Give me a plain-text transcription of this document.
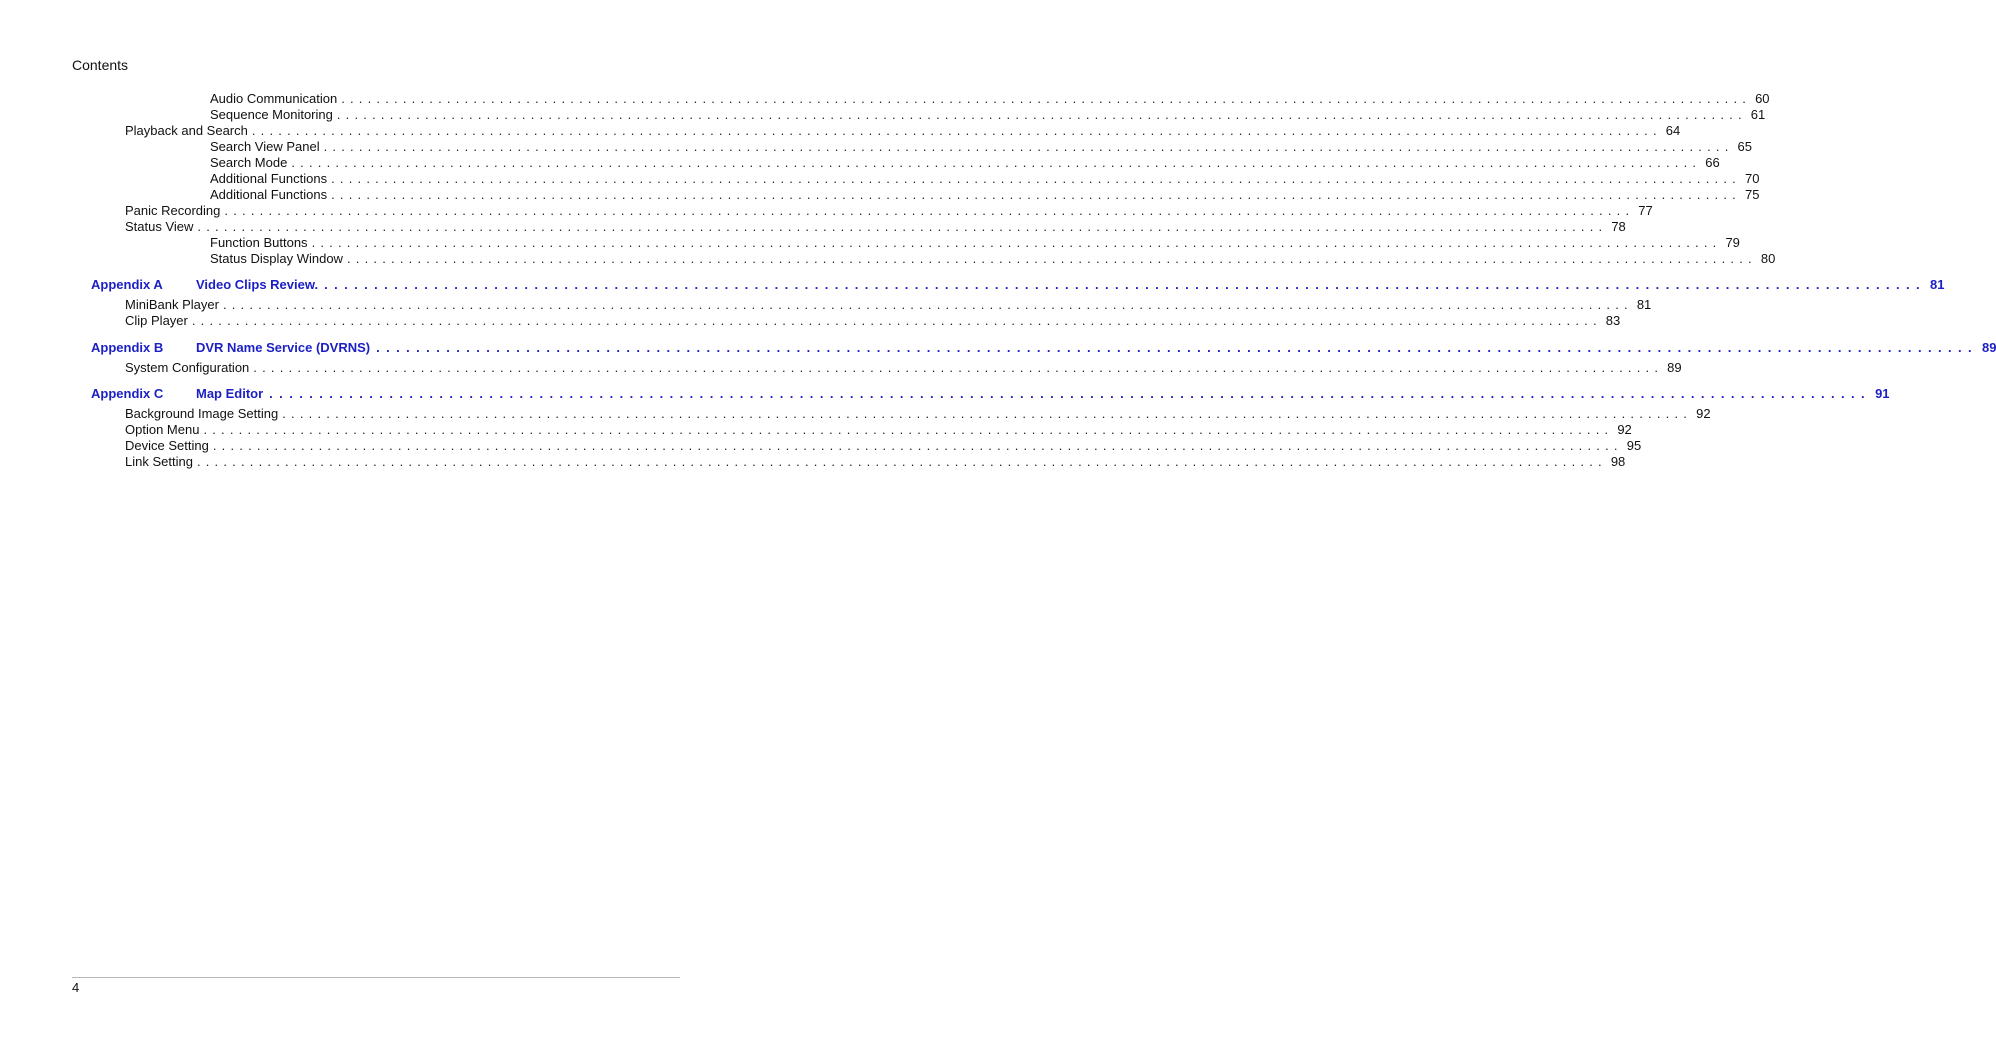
Contents
Audio Communication ................................................................................................................................................................ 60
Sequence Monitoring ................................................................................................................................................................ 61
Playback and Search ................................................................................................................................................................ 64
Search View Panel ................................................................................................................................................................ 65
Search Mode ................................................................................................................................................................ 66
Additional Functions ................................................................................................................................................................ 70
Additional Functions ................................................................................................................................................................ 75
Panic Recording ................................................................................................................................................................ 77
Status View ................................................................................................................................................................ 78
Function Buttons ................................................................................................................................................................ 79
Status Display Window ................................................................................................................................................................ 80
Appendix A	Video Clips Review. ................................................................................................................................................................ 81
MiniBank Player ................................................................................................................................................................ 81
Clip Player ................................................................................................................................................................ 83
Appendix B	DVR Name Service (DVRNS) ................................................................................................................................................................ 89
System Configuration ................................................................................................................................................................ 89
Appendix C	Map Editor ................................................................................................................................................................ 91
Background Image Setting ................................................................................................................................................................ 92
Option Menu ................................................................................................................................................................ 92
Device Setting ................................................................................................................................................................ 95
Link Setting ................................................................................................................................................................ 98
4
